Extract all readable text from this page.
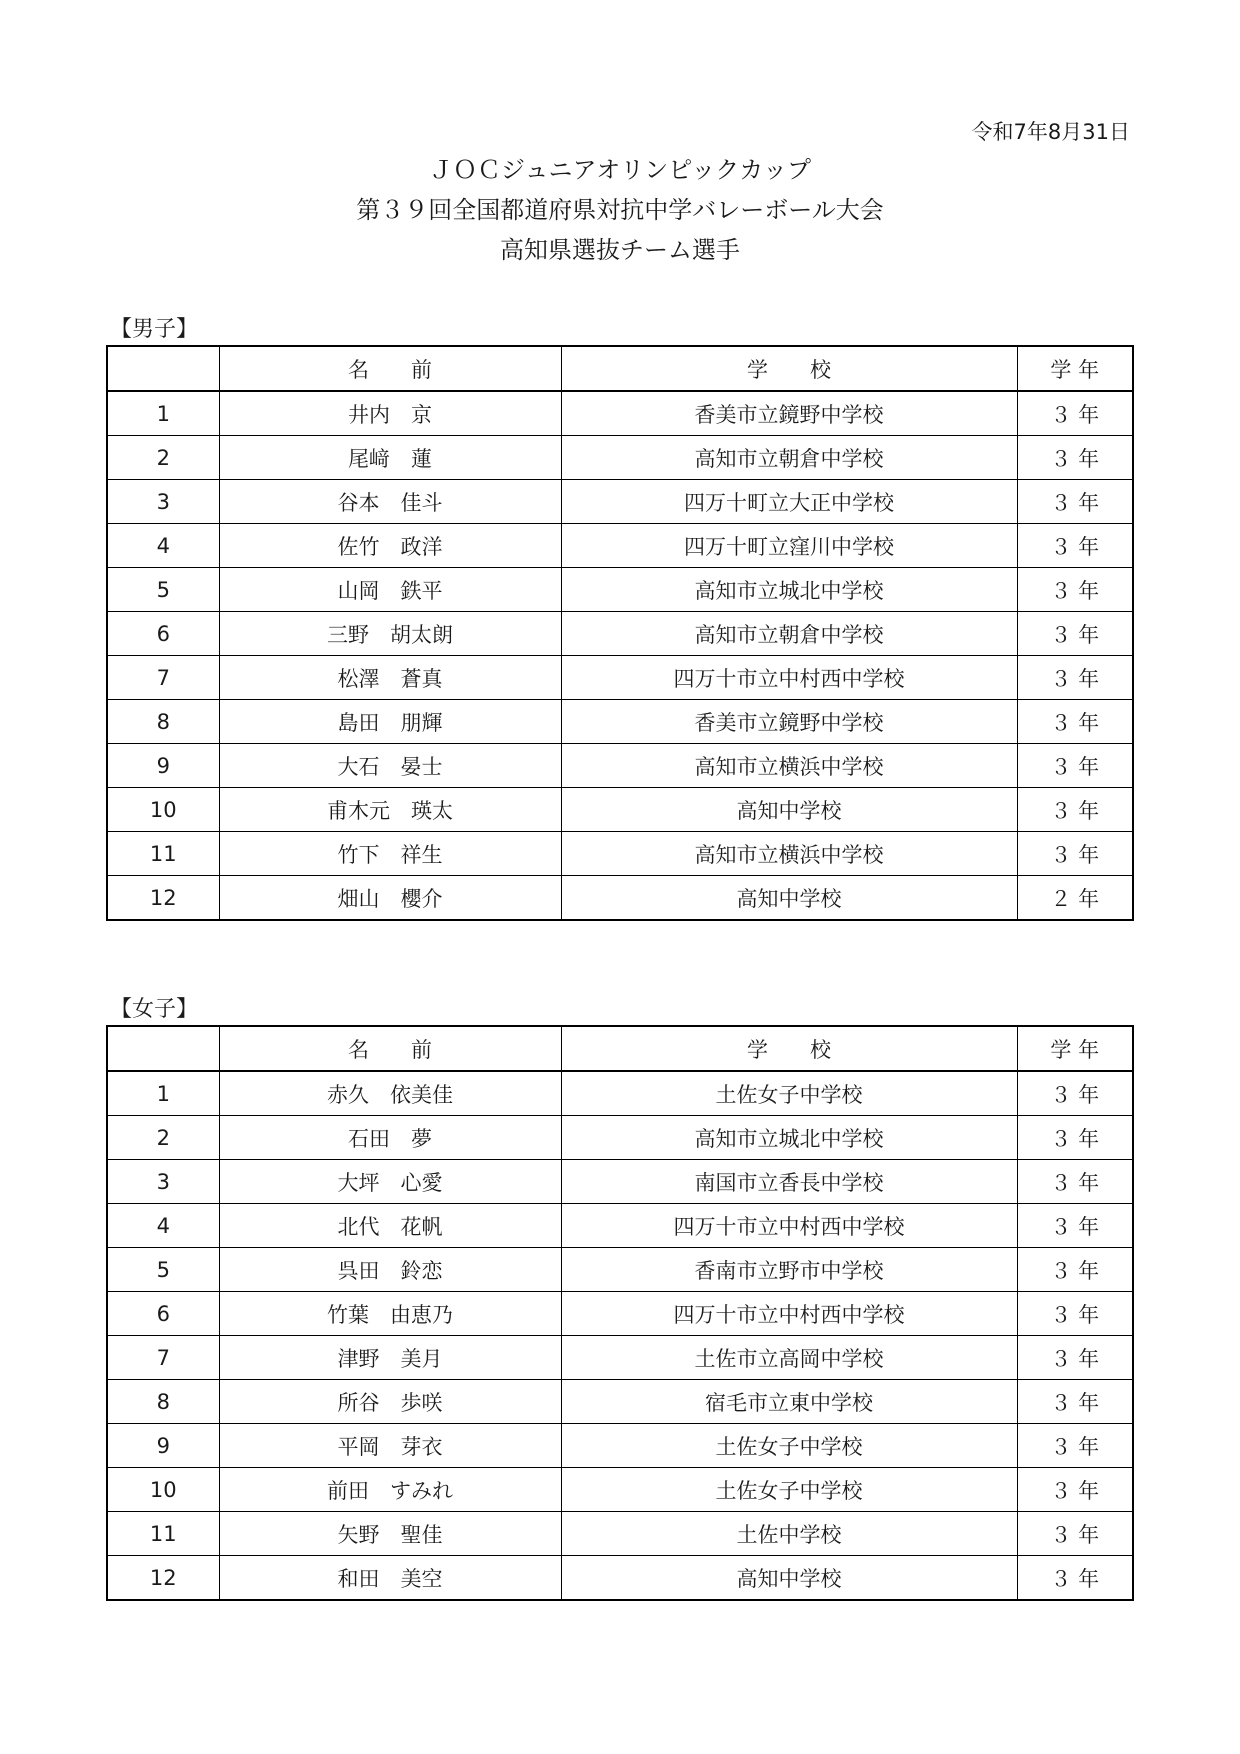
令和7年8月31日
ＪＯＣジュニアオリンピックカップ
第３９回全国都道府県対抗中学バレーボール大会
高知県選抜チーム選手
【男子】
	名　　前	学　　校	学 年
1	井内　京	香美市立鏡野中学校	３ 年
2	尾﨑　蓮	高知市立朝倉中学校	３ 年
3	谷本　佳斗	四万十町立大正中学校	３ 年
4	佐竹　政洋	四万十町立窪川中学校	３ 年
5	山岡　鉄平	高知市立城北中学校	３ 年
6	三野　胡太朗	高知市立朝倉中学校	３ 年
7	松澤　蒼真	四万十市立中村西中学校	３ 年
8	島田　朋輝	香美市立鏡野中学校	３ 年
9	大石　晏士	高知市立横浜中学校	３ 年
10	甫木元　瑛太	高知中学校	３ 年
11	竹下　祥生	高知市立横浜中学校	３ 年
12	畑山　櫻介	高知中学校	２ 年
【女子】
	名　　前	学　　校	学 年
1	赤久　依美佳	土佐女子中学校	３ 年
2	石田　夢	高知市立城北中学校	３ 年
3	大坪　心愛	南国市立香長中学校	３ 年
4	北代　花帆	四万十市立中村西中学校	３ 年
5	呉田　鈴恋	香南市立野市中学校	３ 年
6	竹葉　由恵乃	四万十市立中村西中学校	３ 年
7	津野　美月	土佐市立高岡中学校	３ 年
8	所谷　歩咲	宿毛市立東中学校	３ 年
9	平岡　芽衣	土佐女子中学校	３ 年
10	前田　すみれ	土佐女子中学校	３ 年
11	矢野　聖佳	土佐中学校	３ 年
12	和田　美空	高知中学校	３ 年
